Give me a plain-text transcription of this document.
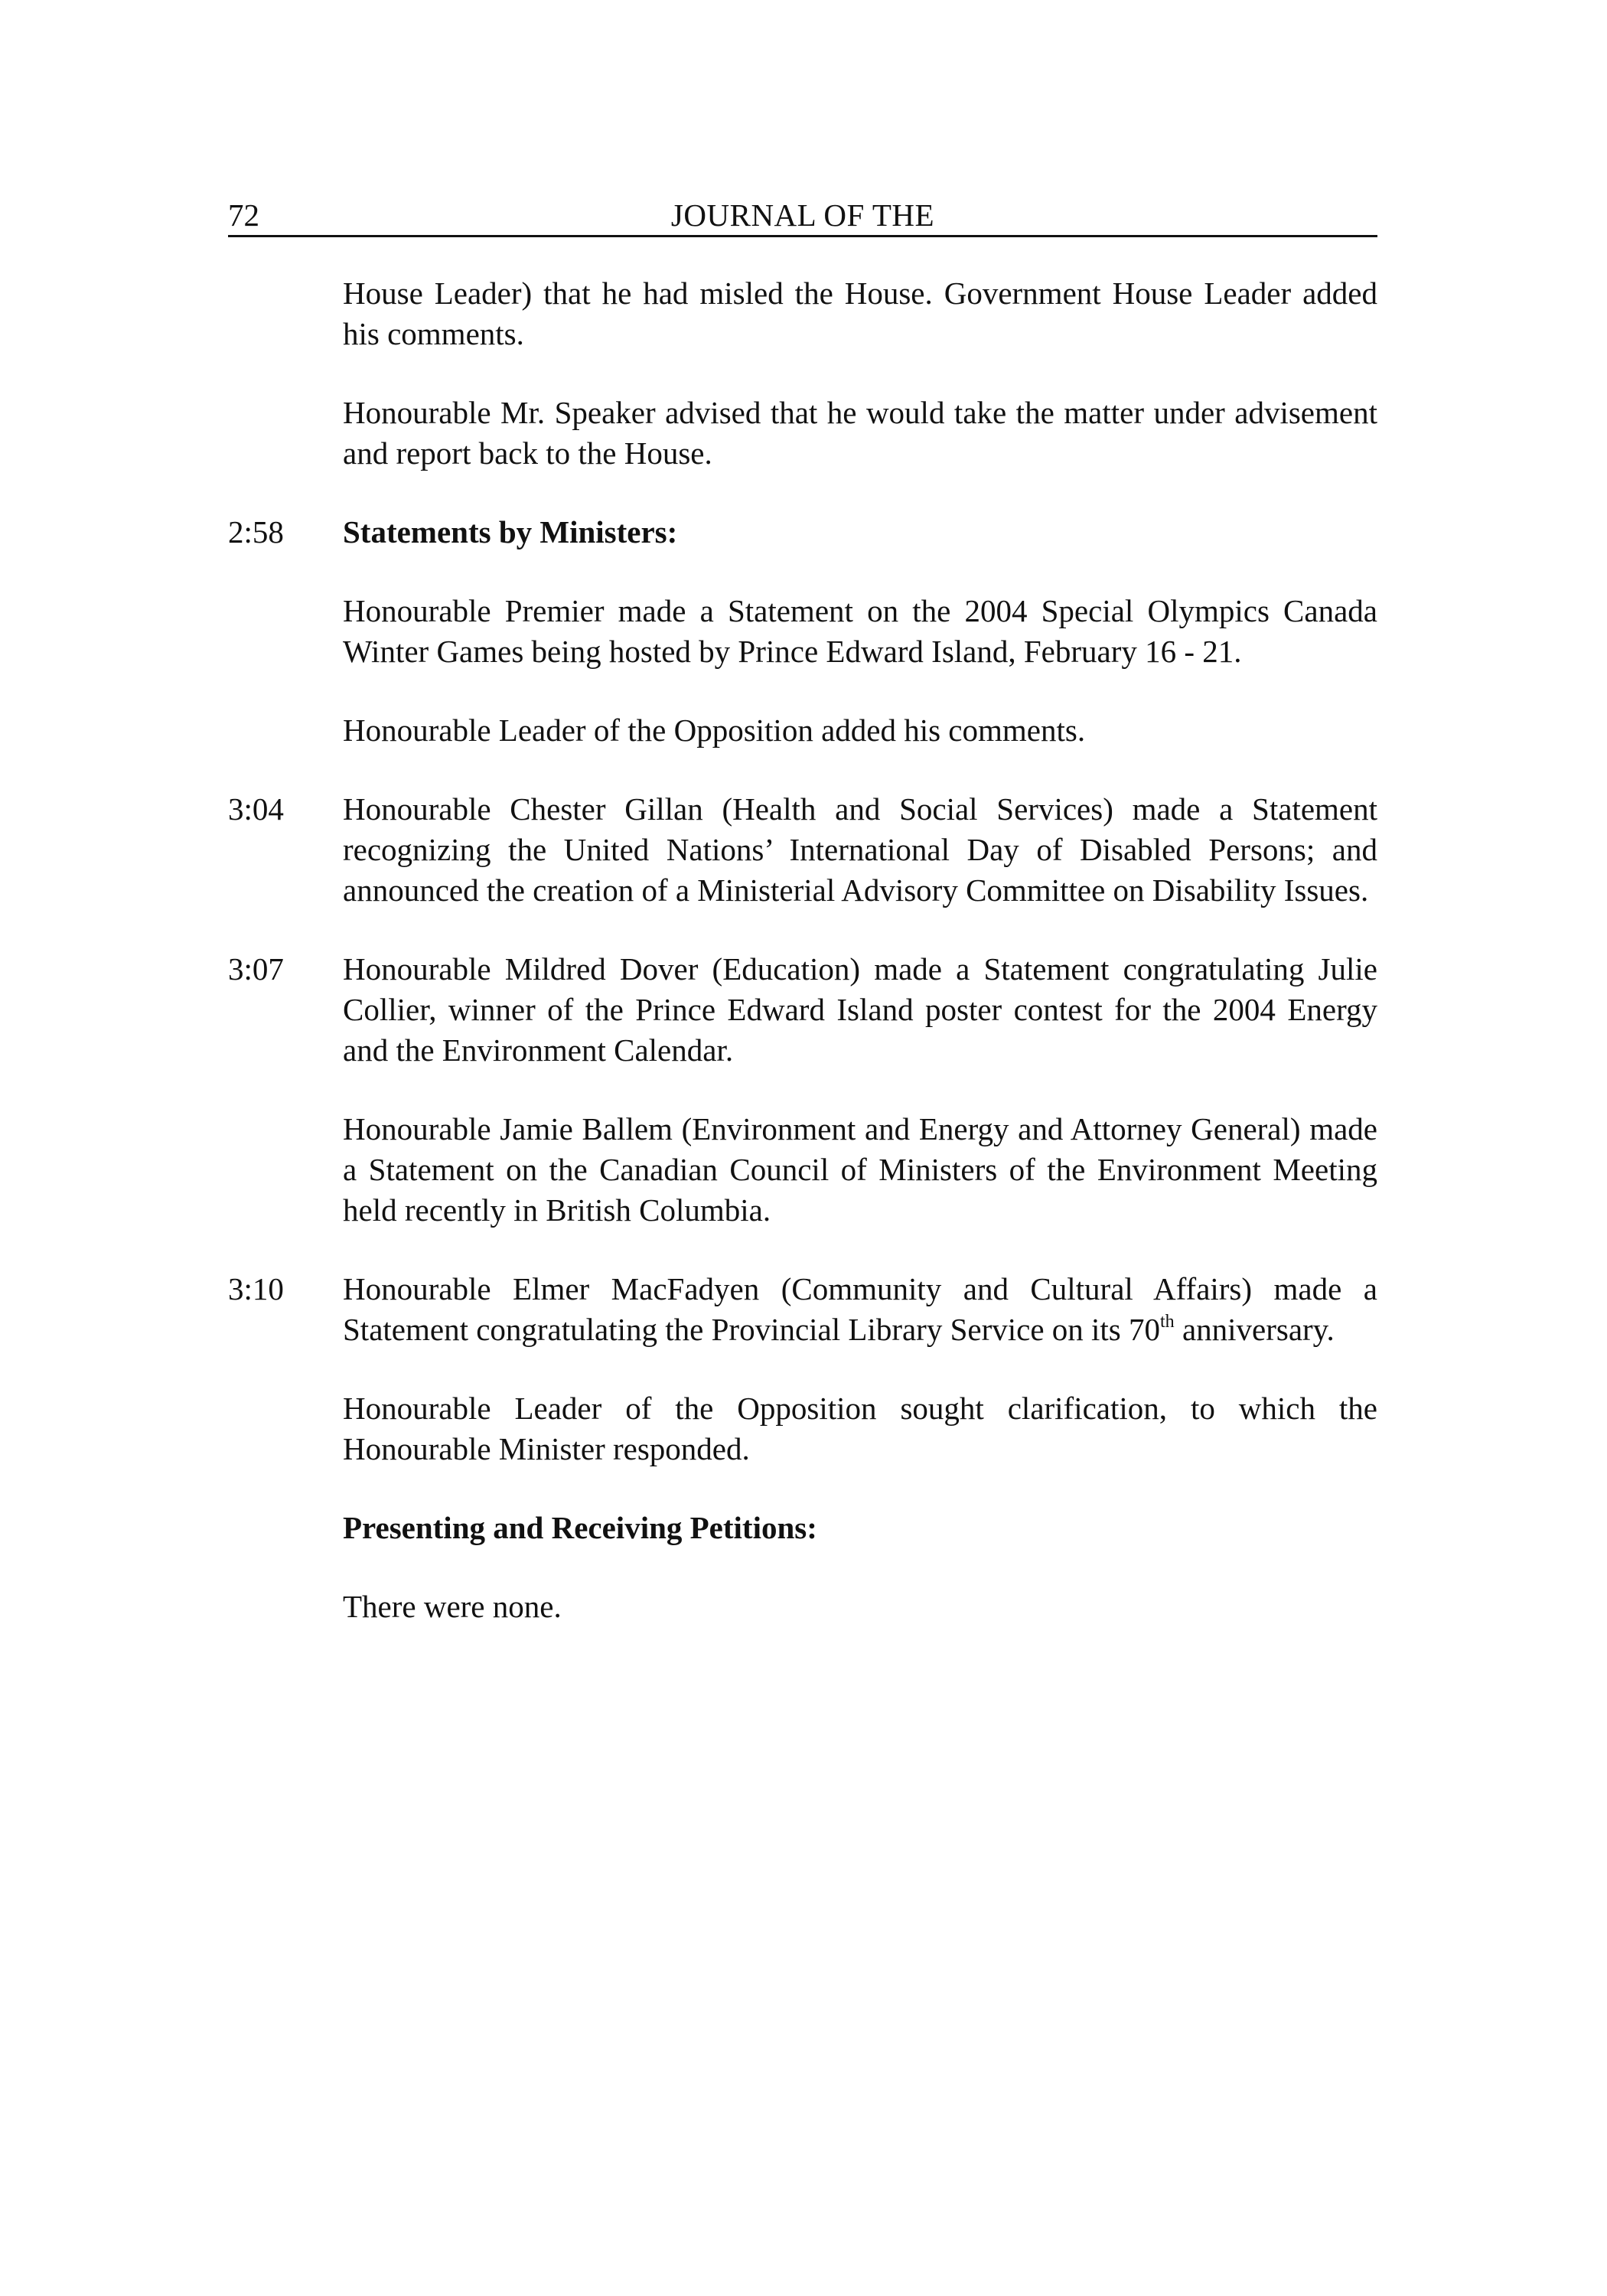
72	JOURNAL OF THE

House Leader) that he had misled the House. Government House Leader added his comments.

Honourable Mr. Speaker advised that he would take the matter under advisement and report back to the House.

2:58	Statements by Ministers:

Honourable Premier made a Statement on the 2004 Special Olympics Canada Winter Games being hosted by Prince Edward Island, February 16 - 21.

Honourable Leader of the Opposition added his comments.

3:04	Honourable Chester Gillan (Health and Social Services) made a Statement recognizing the United Nations’ International Day of Disabled Persons; and announced the creation of a Ministerial Advisory Committee on Disability Issues.

3:07	Honourable Mildred Dover (Education) made a Statement congratulating Julie Collier, winner of the Prince Edward Island poster contest for the 2004 Energy and the Environment Calendar.

Honourable Jamie Ballem (Environment and Energy and Attorney General) made a Statement on the Canadian Council of Ministers of the Environment Meeting held recently in British Columbia.

3:10	Honourable Elmer MacFadyen (Community and Cultural Affairs) made a Statement congratulating the Provincial Library Service on its 70th anniversary.

Honourable Leader of the Opposition sought clarification, to which the Honourable Minister responded.

Presenting and Receiving Petitions:

There were none.
